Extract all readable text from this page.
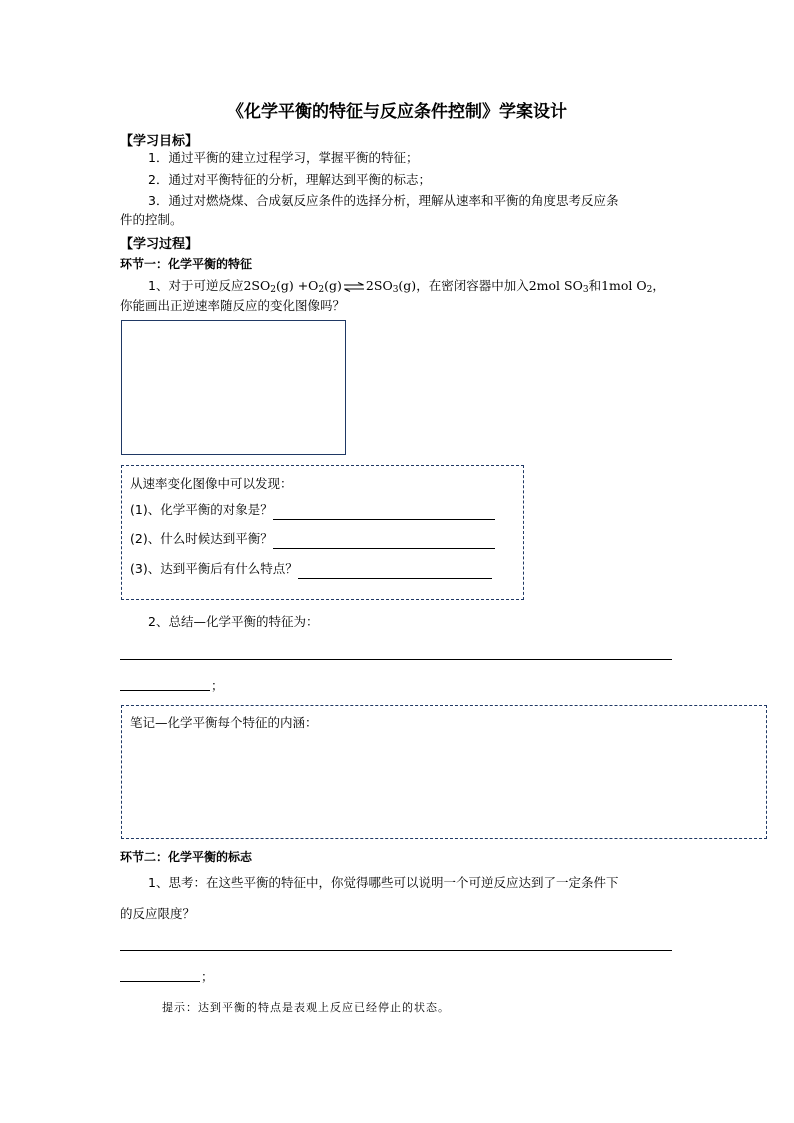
《化学平衡的特征与反应条件控制》学案设计
【学习目标】
1．通过平衡的建立过程学习，掌握平衡的特征；
2．通过对平衡特征的分析，理解达到平衡的标志；
3．通过对燃烧煤、合成氨反应条件的选择分析，理解从速率和平衡的角度思考反应条
件的控制。
【学习过程】
环节一：化学平衡的特征
1、对于可逆反应$2SO_2(g)$ $+O_2(g)\rightleftharpoons 2SO_3(g)$，在密闭容器中加入2mol $SO_3$和1mol $O_2$，
你能画出正逆速率随反应的变化图像吗？
从速率变化图像中可以发现：
(1)、化学平衡的对象是？
(2)、什么时候达到平衡？
(3)、达到平衡后有什么特点？
2、总结—化学平衡的特征为：
；
笔记—化学平衡每个特征的内涵：
环节二：化学平衡的标志
1、思考：在这些平衡的特征中，你觉得哪些可以说明一个可逆反应达到了一定条件下
的反应限度？
；
提示：达到平衡的特点是表观上反应已经停止的状态。
